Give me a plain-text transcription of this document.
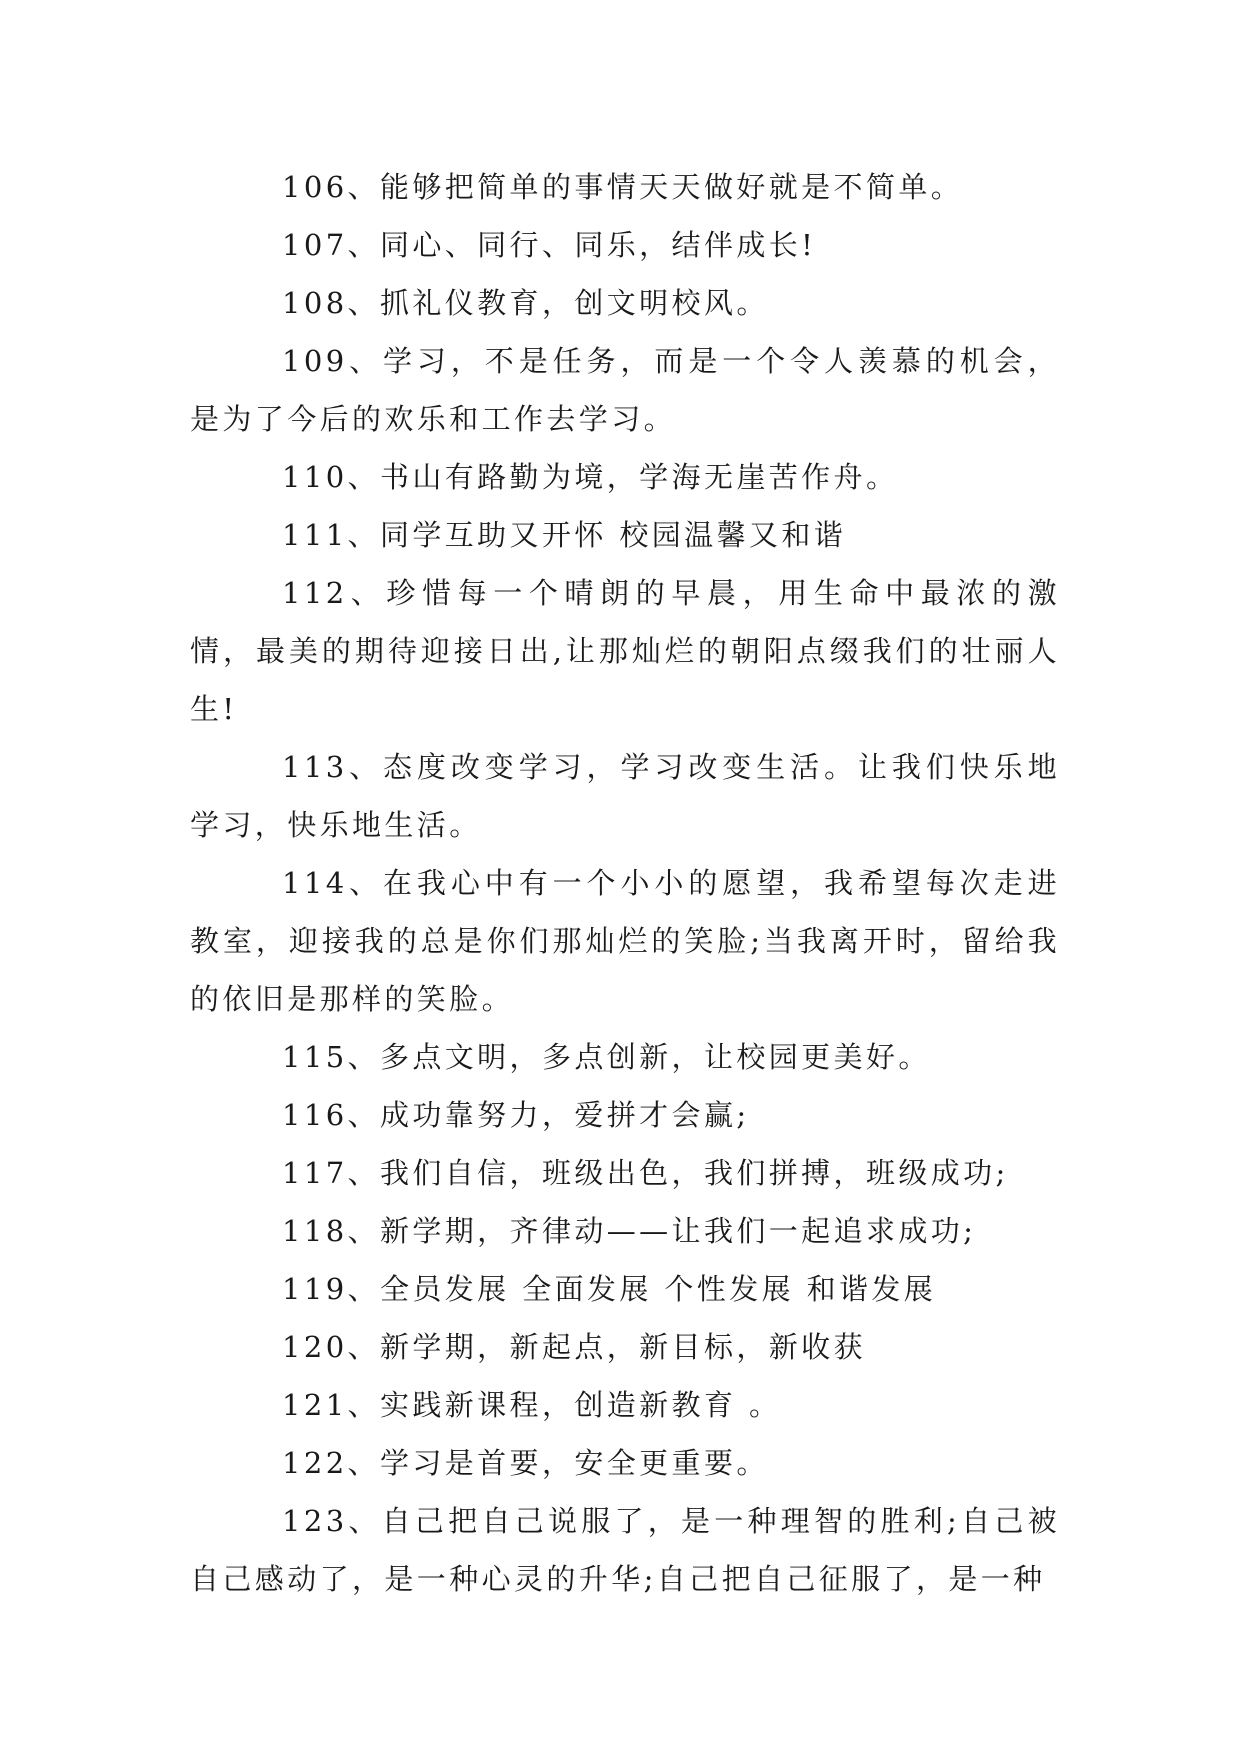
106、能够把简单的事情天天做好就是不简单。

107、同心、同行、同乐，结伴成长!

108、抓礼仪教育，创文明校风。

109、学习，不是任务，而是一个令人羡慕的机会，是为了今后的欢乐和工作去学习。

110、书山有路勤为境，学海无崖苦作舟。

111、同学互助又开怀 校园温馨又和谐

112、珍惜每一个晴朗的早晨，用生命中最浓的激情，最美的期待迎接日出,让那灿烂的朝阳点缀我们的壮丽人生!

113、态度改变学习，学习改变生活。让我们快乐地学习，快乐地生活。

114、在我心中有一个小小的愿望，我希望每次走进教室，迎接我的总是你们那灿烂的笑脸;当我离开时，留给我的依旧是那样的笑脸。

115、多点文明，多点创新，让校园更美好。

116、成功靠努力，爱拼才会赢;

117、我们自信，班级出色，我们拼搏，班级成功;

118、新学期，齐律动——让我们一起追求成功;

119、全员发展 全面发展 个性发展 和谐发展

120、新学期，新起点，新目标，新收获

121、实践新课程，创造新教育 。

122、学习是首要，安全更重要。

123、自己把自己说服了，是一种理智的胜利;自己被自己感动了，是一种心灵的升华;自己把自己征服了，是一种
